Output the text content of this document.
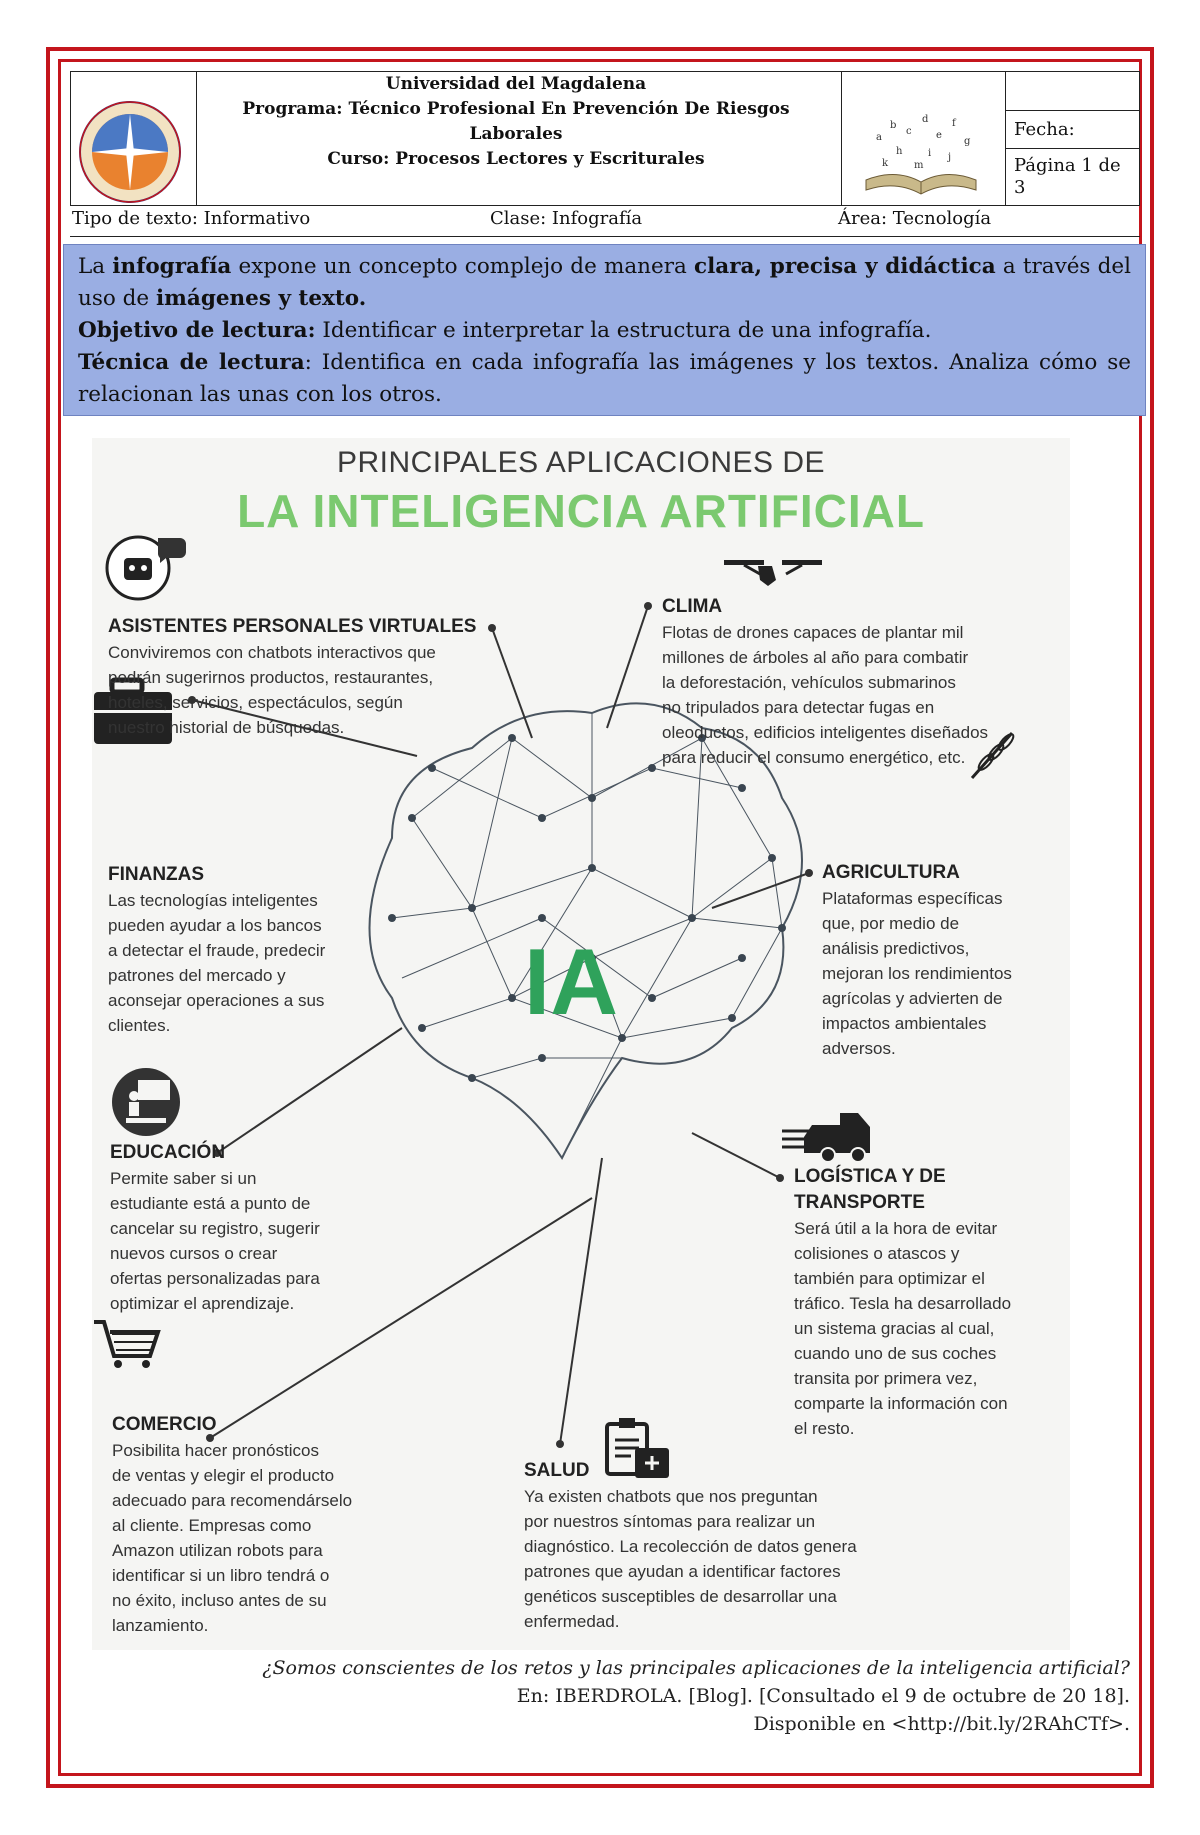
Universidad del Magdalena
Programa: Técnico Profesional En Prevención De Riesgos Laborales
Curso: Procesos Lectores y Escriturales
a
b
c
d
e
f
g
h	i j
k	m
Fecha:
Página 1 de 3
Tipo de texto: Informativo	Clase: Infografía	Área: Tecnología

La infografía expone un concepto complejo de manera clara, precisa y didáctica a través del uso de imágenes y texto.

Objetivo de lectura: Identificar e interpretar la estructura de una infografía.

Técnica de lectura: Identifica en cada infografía las imágenes y los textos. Analiza cómo se relacionan las unas con los otros.

PRINCIPALES APLICACIONES DE
LA INTELIGENCIA ARTIFICIAL
IA
ASISTENTES PERSONALES VIRTUALES
Conviviremos con chatbots interactivos que
podrán sugerirnos productos, restaurantes,
hoteles, servicios, espectáculos, según
nuestro historial de búsquedas.
CLIMA
Flotas de drones capaces de plantar mil
millones de árboles al año para combatir
la deforestación, vehículos submarinos
no tripulados para detectar fugas en
oleoductos, edificios inteligentes diseñados
para reducir el consumo energético, etc.
FINANZAS
Las tecnologías inteligentes
pueden ayudar a los bancos
a detectar el fraude, predecir
patrones del mercado y
aconsejar operaciones a sus
clientes.
AGRICULTURA
Plataformas específicas
que, por medio de
análisis predictivos,
mejoran los rendimientos
agrícolas y advierten de
impactos ambientales
adversos.
EDUCACIÓN
Permite saber si un
estudiante está a punto de
cancelar su registro, sugerir
nuevos cursos o crear
ofertas personalizadas para
optimizar el aprendizaje.
LOGÍSTICA Y DE
TRANSPORTE
Será útil a la hora de evitar
colisiones o atascos y
también para optimizar el
tráfico. Tesla ha desarrollado
un sistema gracias al cual,
cuando uno de sus coches
transita por primera vez,
comparte la información con
el resto.
COMERCIO
Posibilita hacer pronósticos
de ventas y elegir el producto
adecuado para recomendárselo
al cliente. Empresas como
Amazon utilizan robots para
identificar si un libro tendrá o
no éxito, incluso antes de su
lanzamiento.
SALUD
Ya existen chatbots que nos preguntan
por nuestros síntomas para realizar un
diagnóstico. La recolección de datos genera
patrones que ayudan a identificar factores
genéticos susceptibles de desarrollar una
enfermedad.
¿Somos conscientes de los retos y las principales aplicaciones de la inteligencia artificial?
En: IBERDROLA. [Blog]. [Consultado el 9 de octubre de 20 18].
Disponible en <http://bit.ly/2RAhCTf>.
